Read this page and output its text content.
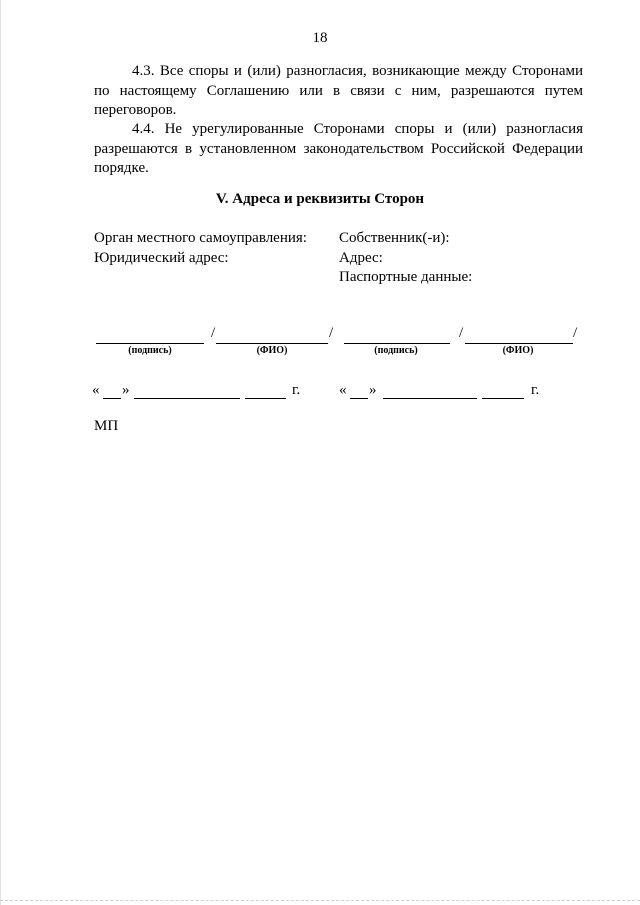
18

4.3. Все споры и (или) разногласия, возникающие между Сторонами по настоящему Соглашению или в связи с ним, разрешаются путем переговоров.

4.4. Не урегулированные Сторонами споры и (или) разногласия разрешаются в установленном законодательством Российской Федерации порядке.

V. Адреса и реквизиты Сторон
Орган местного самоуправления:
Юридический адрес:
Собственник(-и):
Адрес:
Паспортные данные:
/	/
(подпись)	(ФИО)
/	/
(подпись)	(ФИО)
« »	г.	« »	г.
МП
